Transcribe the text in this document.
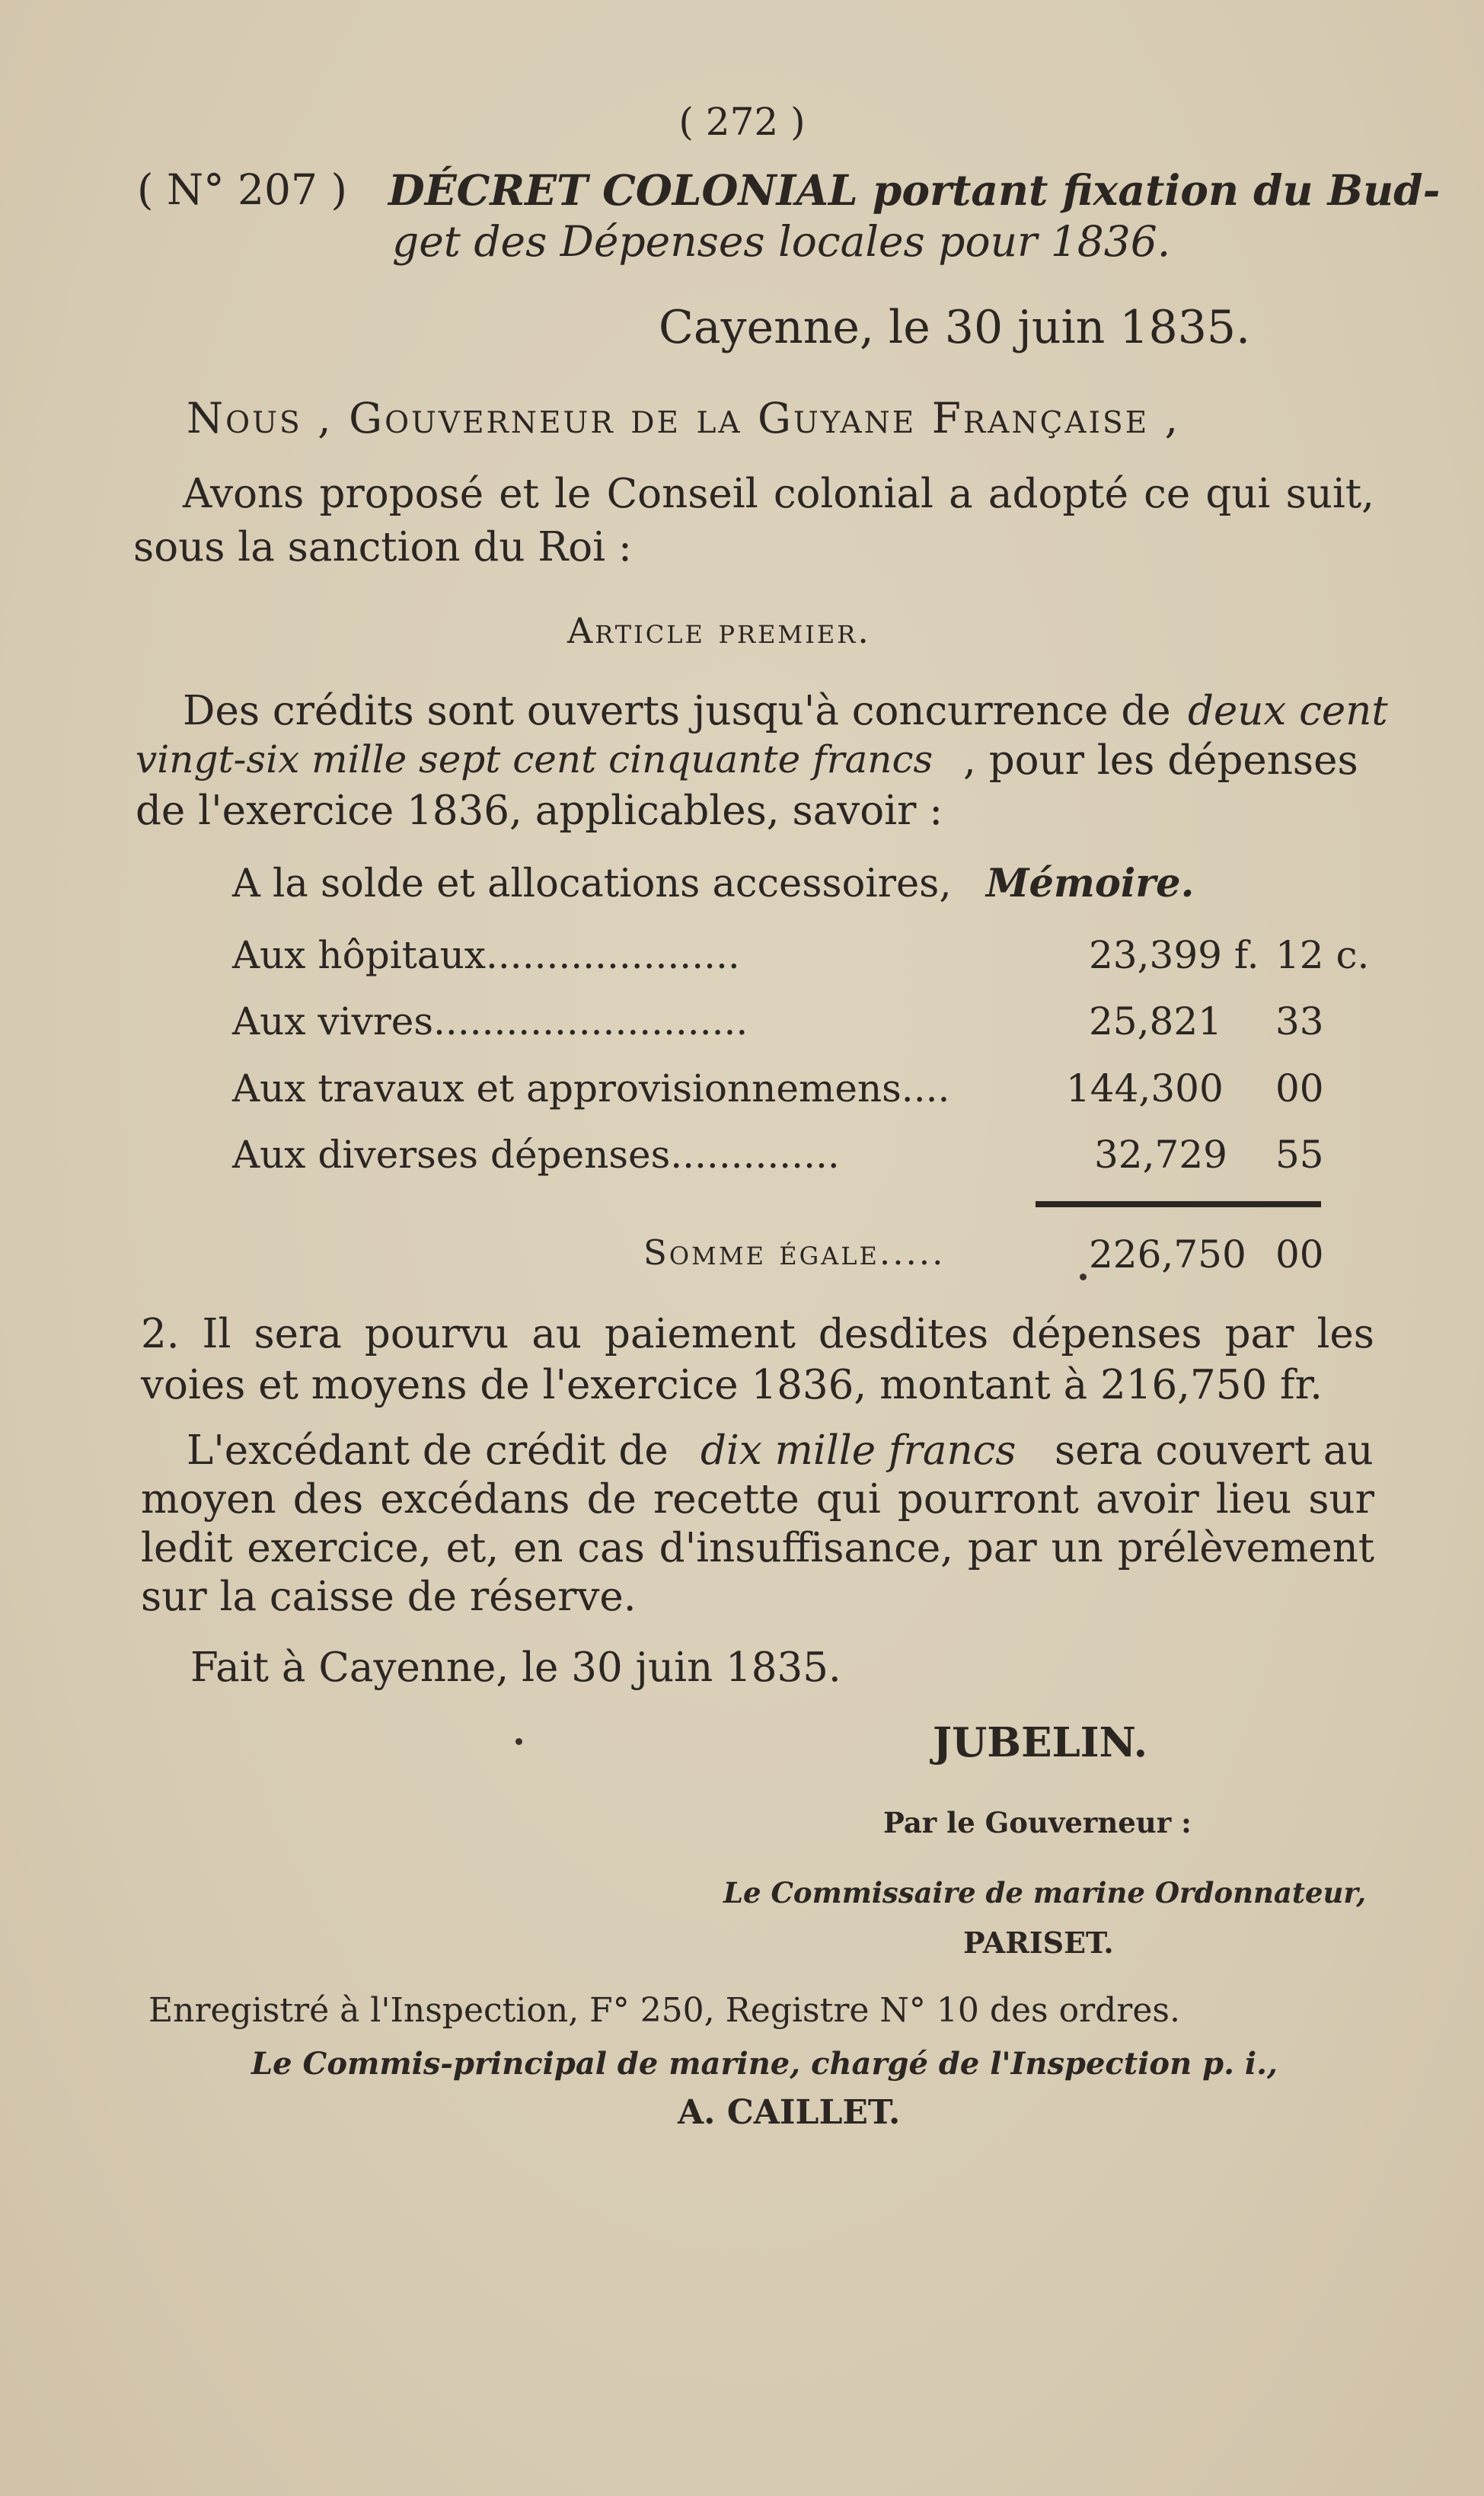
( 272 )
( N° 207 ) DÉCRET COLONIAL portant fixation du Bud-
get des Dépenses locales pour 1836.
Cayenne, le 30 juin 1835.
Nous , Gouverneur de la Guyane Française ,
Avons proposé et le Conseil colonial a adopté ce qui suit,
sous la sanction du Roi :
Article premier.
Des crédits sont ouverts jusqu'à concurrence de deux cent
vingt-six mille sept cent cinquante francs , pour les dépenses
de l'exercice 1836, applicables, savoir :
A la solde et allocations accessoires, Mémoire.
Aux hôpitaux.....................	23,399 f. 12 c.
Aux vivres..........................	25,821 33
Aux travaux et approvisionnemens....	144,300 00
Aux diverses dépenses..............	32,729 55
Somme égale.....	226,750 00
2. Il sera pourvu au paiement desdites dépenses par les
voies et moyens de l'exercice 1836, montant à 216,750 fr.
L'excédant de crédit de dix mille francs sera couvert au
moyen des excédans de recette qui pourront avoir lieu sur
ledit exercice, et, en cas d'insuffisance, par un prélèvement
sur la caisse de réserve.
Fait à Cayenne, le 30 juin 1835.
JUBELIN.
Par le Gouverneur :
Le Commissaire de marine Ordonnateur,
PARISET.
Enregistré à l'Inspection, F° 250, Registre N° 10 des ordres.
Le Commis-principal de marine, chargé de l'Inspection p. i.,
A. CAILLET.
